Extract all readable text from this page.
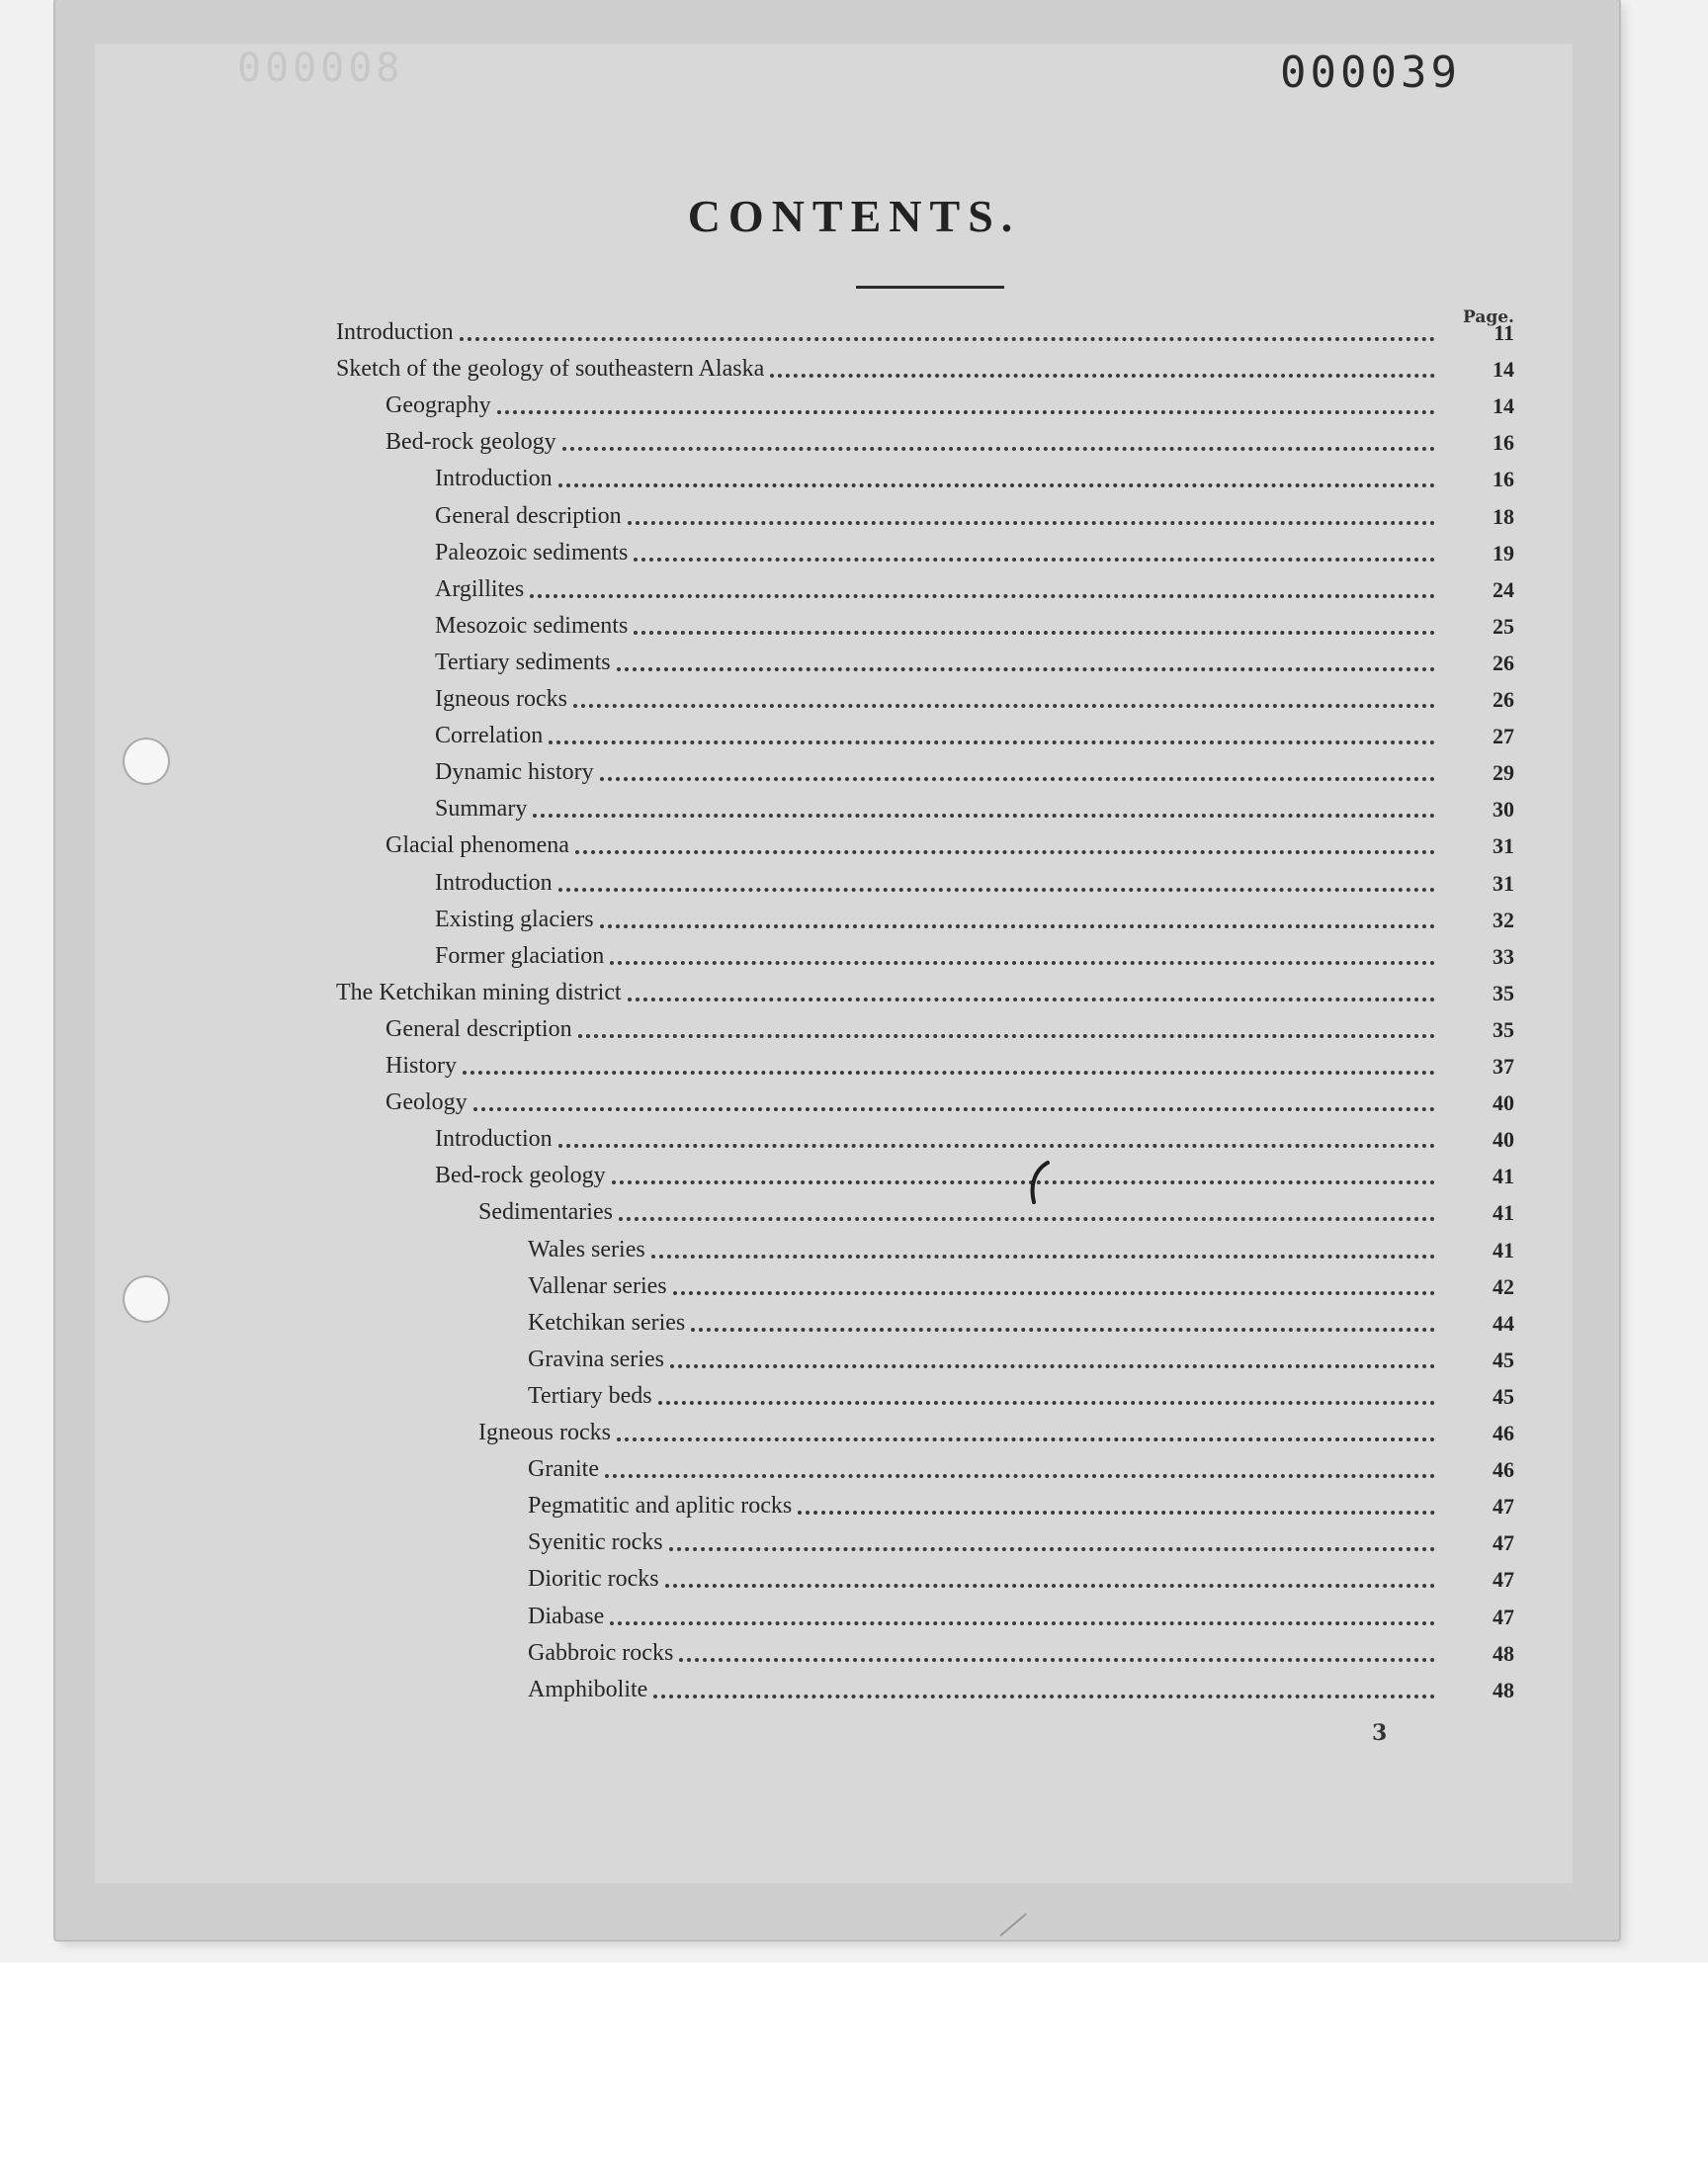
000008	000039
CONTENTS.
Page.
Introduction	11
Sketch of the geology of southeastern Alaska	14
Geography	14
Bed-rock geology	16
Introduction	16
General description	18
Paleozoic sediments	19
Argillites	24
Mesozoic sediments	25
Tertiary sediments	26
Igneous rocks	26
Correlation	27
Dynamic history	29
Summary	30
Glacial phenomena	31
Introduction	31
Existing glaciers	32
Former glaciation	33
The Ketchikan mining district	35
General description	35
History	37
Geology	40
Introduction	40
Bed-rock geology	41
Sedimentaries	41
Wales series	41
Vallenar series	42
Ketchikan series	44
Gravina series	45
Tertiary beds	45
Igneous rocks	46
Granite	46
Pegmatitic and aplitic rocks	47
Syenitic rocks	47
Dioritic rocks	47
Diabase	47
Gabbroic rocks	48
Amphibolite	48
3
